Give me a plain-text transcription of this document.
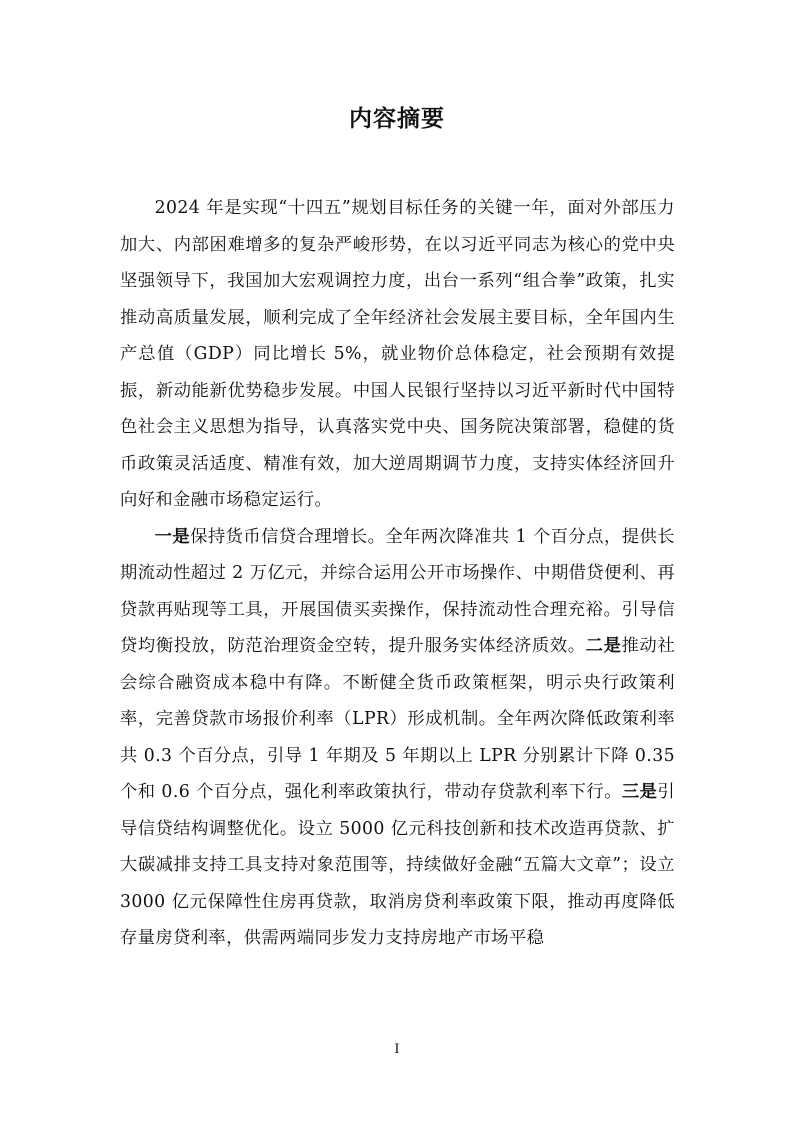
内容摘要

2024 年是实现“十四五”规划目标任务的关键一年，面对外部压力加大、内部困难增多的复杂严峻形势，在以习近平同志为核心的党中央坚强领导下，我国加大宏观调控力度，出台一系列“组合拳”政策，扎实推动高质量发展，顺利完成了全年经济社会发展主要目标，全年国内生产总值（GDP）同比增长 5%，就业物价总体稳定，社会预期有效提振，新动能新优势稳步发展。中国人民银行坚持以习近平新时代中国特色社会主义思想为指导，认真落实党中央、国务院决策部署，稳健的货币政策灵活适度、精准有效，加大逆周期调节力度，支持实体经济回升向好和金融市场稳定运行。

一是保持货币信贷合理增长。全年两次降准共 1 个百分点，提供长期流动性超过 2 万亿元，并综合运用公开市场操作、中期借贷便利、再贷款再贴现等工具，开展国债买卖操作，保持流动性合理充裕。引导信贷均衡投放，防范治理资金空转，提升服务实体经济质效。二是推动社会综合融资成本稳中有降。不断健全货币政策框架，明示央行政策利率，完善贷款市场报价利率（LPR）形成机制。全年两次降低政策利率共 0.3 个百分点，引导 1 年期及 5 年期以上 LPR 分别累计下降 0.35 个和 0.6 个百分点，强化利率政策执行，带动存贷款利率下行。三是引导信贷结构调整优化。设立 5000 亿元科技创新和技术改造再贷款、扩大碳减排支持工具支持对象范围等，持续做好金融“五篇大文章”；设立 3000 亿元保障性住房再贷款，取消房贷利率政策下限，推动再度降低存量房贷利率，供需两端同步发力支持房地产市场平稳

I
